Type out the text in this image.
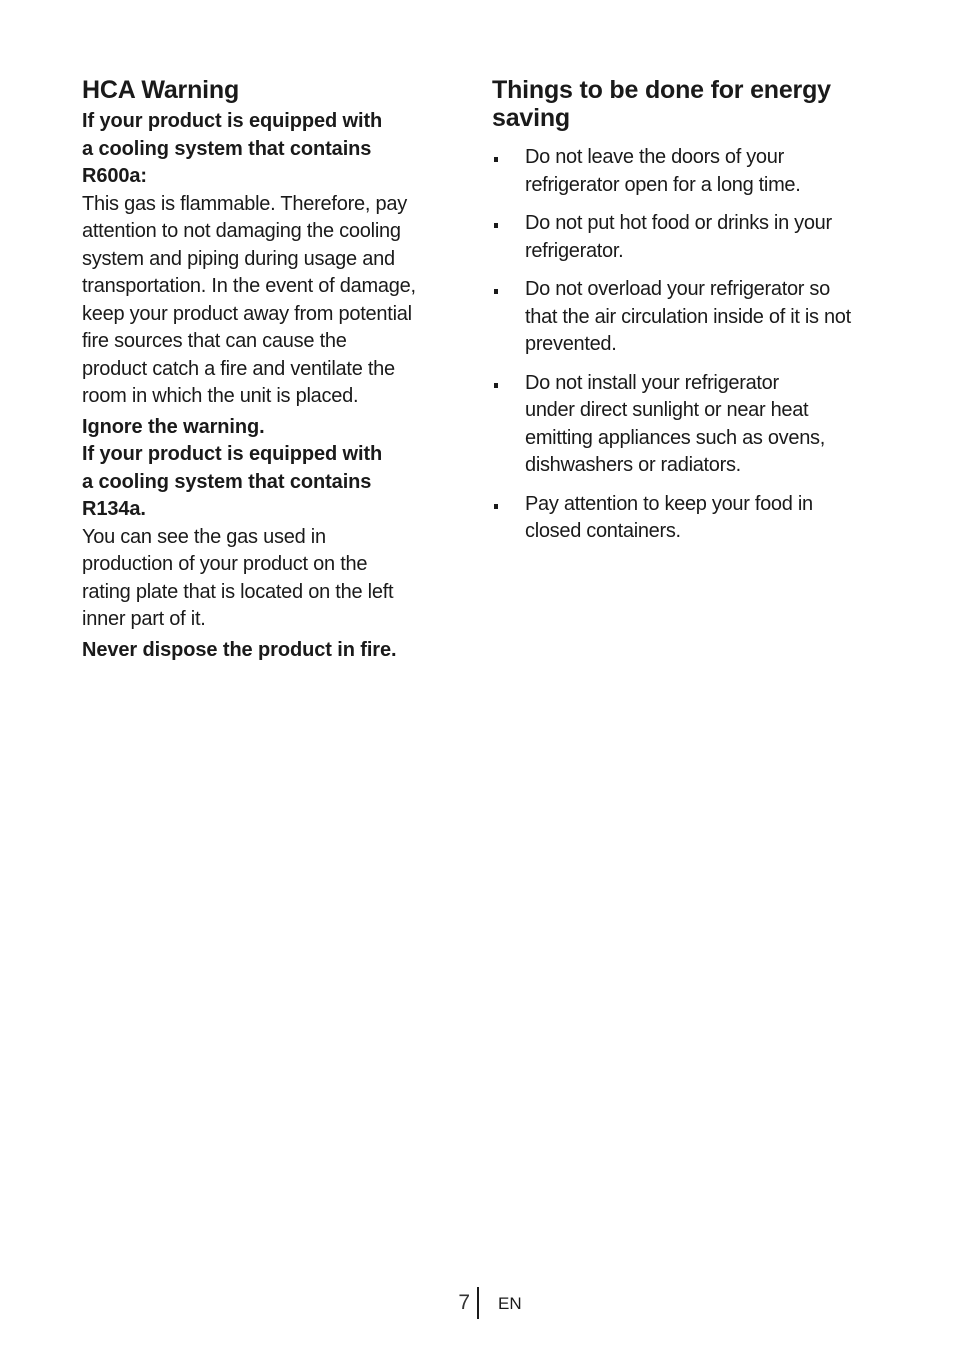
HCA Warning

If your product is equipped with
a cooling system that contains
R600a:

This gas is flammable. Therefore, pay
attention to not damaging the cooling
system and piping during usage and
transportation. In the event of damage,
keep your product away from potential
fire sources that can cause the
product catch a fire and ventilate the
room in which the unit is placed.

Ignore the warning.

If your product is equipped with
a cooling system that contains
R134a.

You can see the gas used in
production of your product on the
rating plate that is located on the left
inner part of it.

Never dispose the product in fire.

Things to be done for energy
saving
Do not leave the doors of your
refrigerator open for a long time.
Do not put hot food or drinks in your
refrigerator.
Do not overload your refrigerator so
that the air circulation inside of it is not
prevented.
Do not install your refrigerator
under direct sunlight or near heat
emitting appliances such as ovens,
dishwashers or radiators.
Pay attention to keep your food in
closed containers.
7 EN
